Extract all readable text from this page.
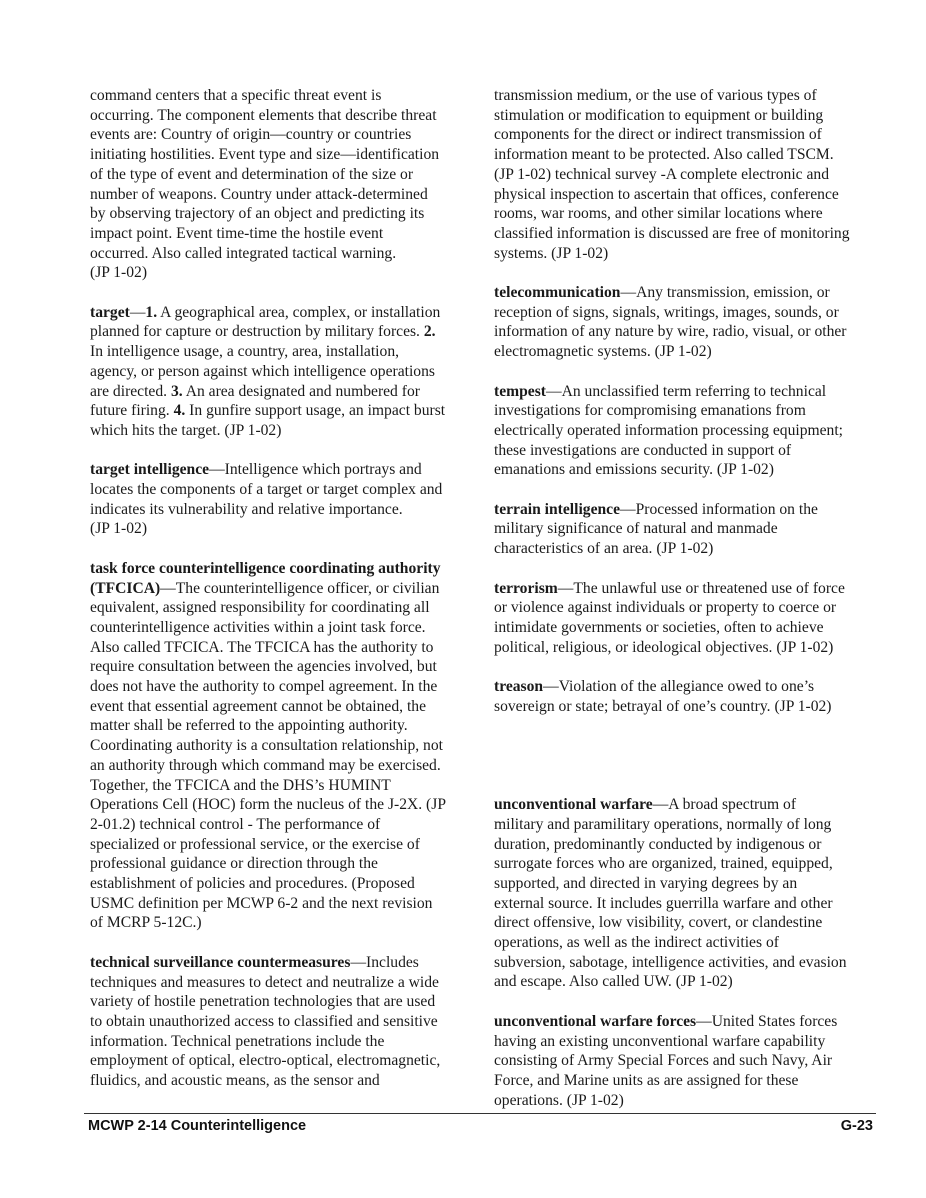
command centers that a specific threat event is
occurring. The component elements that describe threat
events are: Country of origin—country or countries
initiating hostilities. Event type and size—identification
of the type of event and determination of the size or
number of weapons. Country under attack-determined
by observing trajectory of an object and predicting its
impact point. Event time-time the hostile event
occurred. Also called integrated tactical warning.
(JP 1-02)
target—1. A geographical area, complex, or installation
planned for capture or destruction by military forces. 2.
In intelligence usage, a country, area, installation,
agency, or person against which intelligence operations
are directed. 3. An area designated and numbered for
future firing. 4. In gunfire support usage, an impact burst
which hits the target. (JP 1-02)
target intelligence—Intelligence which portrays and
locates the components of a target or target complex and
indicates its vulnerability and relative importance.
(JP 1-02)
task force counterintelligence coordinating authority
(TFCICA)—The counterintelligence officer, or civilian
equivalent, assigned responsibility for coordinating all
counterintelligence activities within a joint task force.
Also called TFCICA. The TFCICA has the authority to
require consultation between the agencies involved, but
does not have the authority to compel agreement. In the
event that essential agreement cannot be obtained, the
matter shall be referred to the appointing authority.
Coordinating authority is a consultation relationship, not
an authority through which command may be exercised.
Together, the TFCICA and the DHS’s HUMINT
Operations Cell (HOC) form the nucleus of the J-2X. (JP
2-01.2) technical control - The performance of
specialized or professional service, or the exercise of
professional guidance or direction through the
establishment of policies and procedures. (Proposed
USMC definition per MCWP 6-2 and the next revision
of MCRP 5-12C.)
technical surveillance countermeasures—Includes
techniques and measures to detect and neutralize a wide
variety of hostile penetration technologies that are used
to obtain unauthorized access to classified and sensitive
information. Technical penetrations include the
employment of optical, electro-optical, electromagnetic,
fluidics, and acoustic means, as the sensor and
transmission medium, or the use of various types of
stimulation or modification to equipment or building
components for the direct or indirect transmission of
information meant to be protected. Also called TSCM.
(JP 1-02) technical survey -A complete electronic and
physical inspection to ascertain that offices, conference
rooms, war rooms, and other similar locations where
classified information is discussed are free of monitoring
systems. (JP 1-02)
telecommunication—Any transmission, emission, or
reception of signs, signals, writings, images, sounds, or
information of any nature by wire, radio, visual, or other
electromagnetic systems. (JP 1-02)
tempest—An unclassified term referring to technical
investigations for compromising emanations from
electrically operated information processing equipment;
these investigations are conducted in support of
emanations and emissions security. (JP 1-02)
terrain intelligence—Processed information on the
military significance of natural and manmade
characteristics of an area. (JP 1-02)
terrorism—The unlawful use or threatened use of force
or violence against individuals or property to coerce or
intimidate governments or societies, often to achieve
political, religious, or ideological objectives. (JP 1-02)
treason—Violation of the allegiance owed to one’s
sovereign or state; betrayal of one’s country. (JP 1-02)
unconventional warfare—A broad spectrum of
military and paramilitary operations, normally of long
duration, predominantly conducted by indigenous or
surrogate forces who are organized, trained, equipped,
supported, and directed in varying degrees by an
external source. It includes guerrilla warfare and other
direct offensive, low visibility, covert, or clandestine
operations, as well as the indirect activities of
subversion, sabotage, intelligence activities, and evasion
and escape. Also called UW. (JP 1-02)
unconventional warfare forces—United States forces
having an existing unconventional warfare capability
consisting of Army Special Forces and such Navy, Air
Force, and Marine units as are assigned for these
operations. (JP 1-02)
MCWP 2-14 Counterintelligence	G-23
